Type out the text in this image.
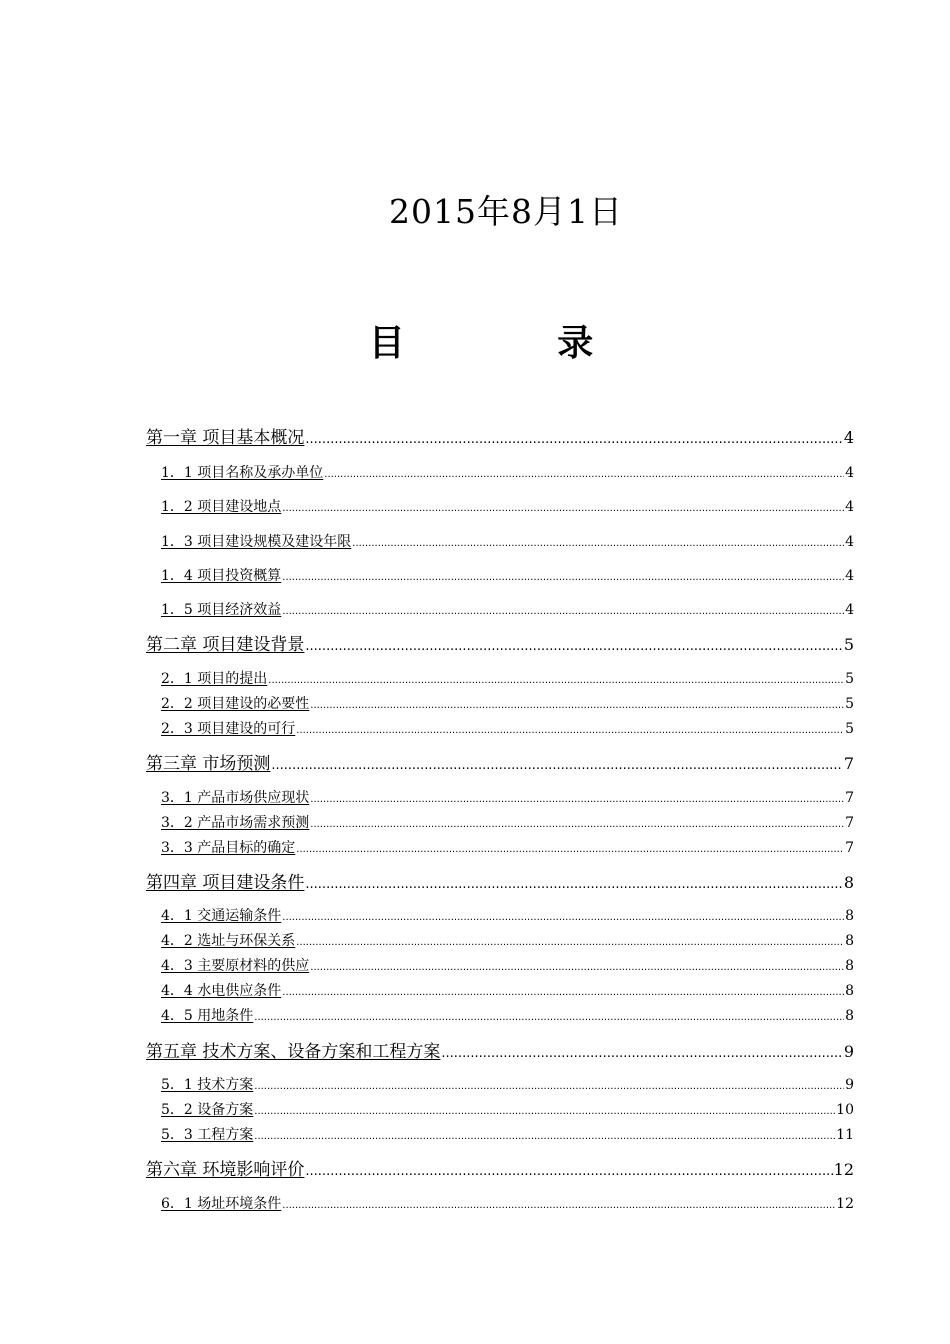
2015年8月1日
目 录
第一章 项目基本概况 .....	4
1．1 项目名称及承办单位 .....	4
1．2 项目建设地点 .....	4
1．3 项目建设规模及建设年限 .....	4
1．4 项目投资概算 .....	4
1．5 项目经济效益 .....	4
第二章 项目建设背景 .....	5
2．1 项目的提出 .....	5
2．2 项目建设的必要性 .....	5
2．3 项目建设的可行 .....	5
第三章 市场预测 .....	7
3．1 产品市场供应现状 .....	7
3．2 产品市场需求预测 .....	7
3．3 产品目标的确定 .....	7
第四章 项目建设条件 .....	8
4．1 交通运输条件 .....	8
4．2 选址与环保关系 .....	8
4．3 主要原材料的供应 .....	8
4．4 水电供应条件 .....	8
4．5 用地条件 .....	8
第五章 技术方案、设备方案和工程方案 .....	9
5．1 技术方案 .....	9
5．2 设备方案 .....	10
5．3 工程方案 .....	11
第六章 环境影响评价 .....	12
6．1 场址环境条件 .....	12
